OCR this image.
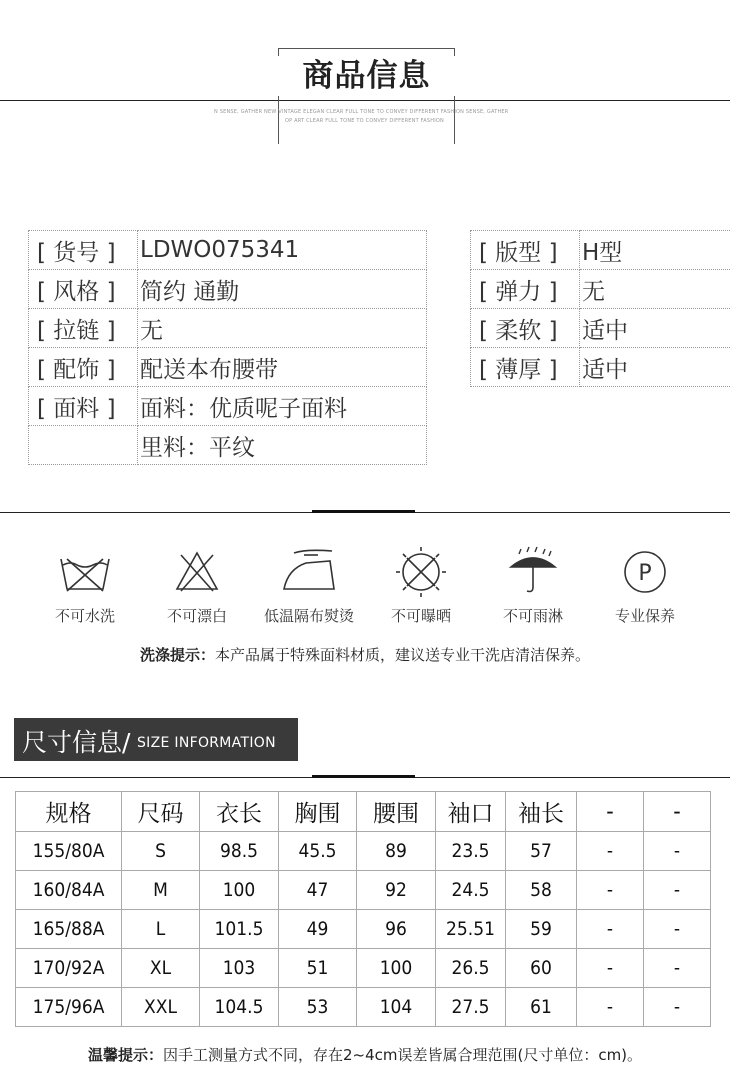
商品信息
N SENSE, GATHER NEW VINTAGE ELEGAN CLEAR FULL TONE TO CONVEY DIFFERENT FASHION SENSE, GATHER
OP ART CLEAR FULL TONE TO CONVEY DIFFERENT FASHION
[ 货号 ]	LDWO075341
[ 风格 ]	简约 通勤
[ 拉链 ]	无
[ 配饰 ]	配送本布腰带
[ 面料 ]	面料：优质呢子面料
	里料：平纹
[ 版型 ]	H型
[ 弹力 ]	无
[ 柔软 ]	适中
[ 薄厚 ]	适中
不可水洗	不可漂白	低温隔布熨烫	不可曝晒	不可雨淋
P
专业保养
洗涤提示：本产品属于特殊面料材质，建议送专业干洗店清洁保养。
尺寸信息/ SIZE INFORMATION
规格	尺码	衣长	胸围	腰围	袖口	袖长	-	-
155/80A	S	98.5	45.5	89	23.5	57	-	-
160/84A	M	100	47	92	24.5	58	-	-
165/88A	L	101.5	49	96	25.51	59	-	-
170/92A	XL	103	51	100	26.5	60	-	-
175/96A	XXL	104.5	53	104	27.5	61	-	-
温馨提示：因手工测量方式不同，存在2~4cm误差皆属合理范围(尺寸单位：cm)。
